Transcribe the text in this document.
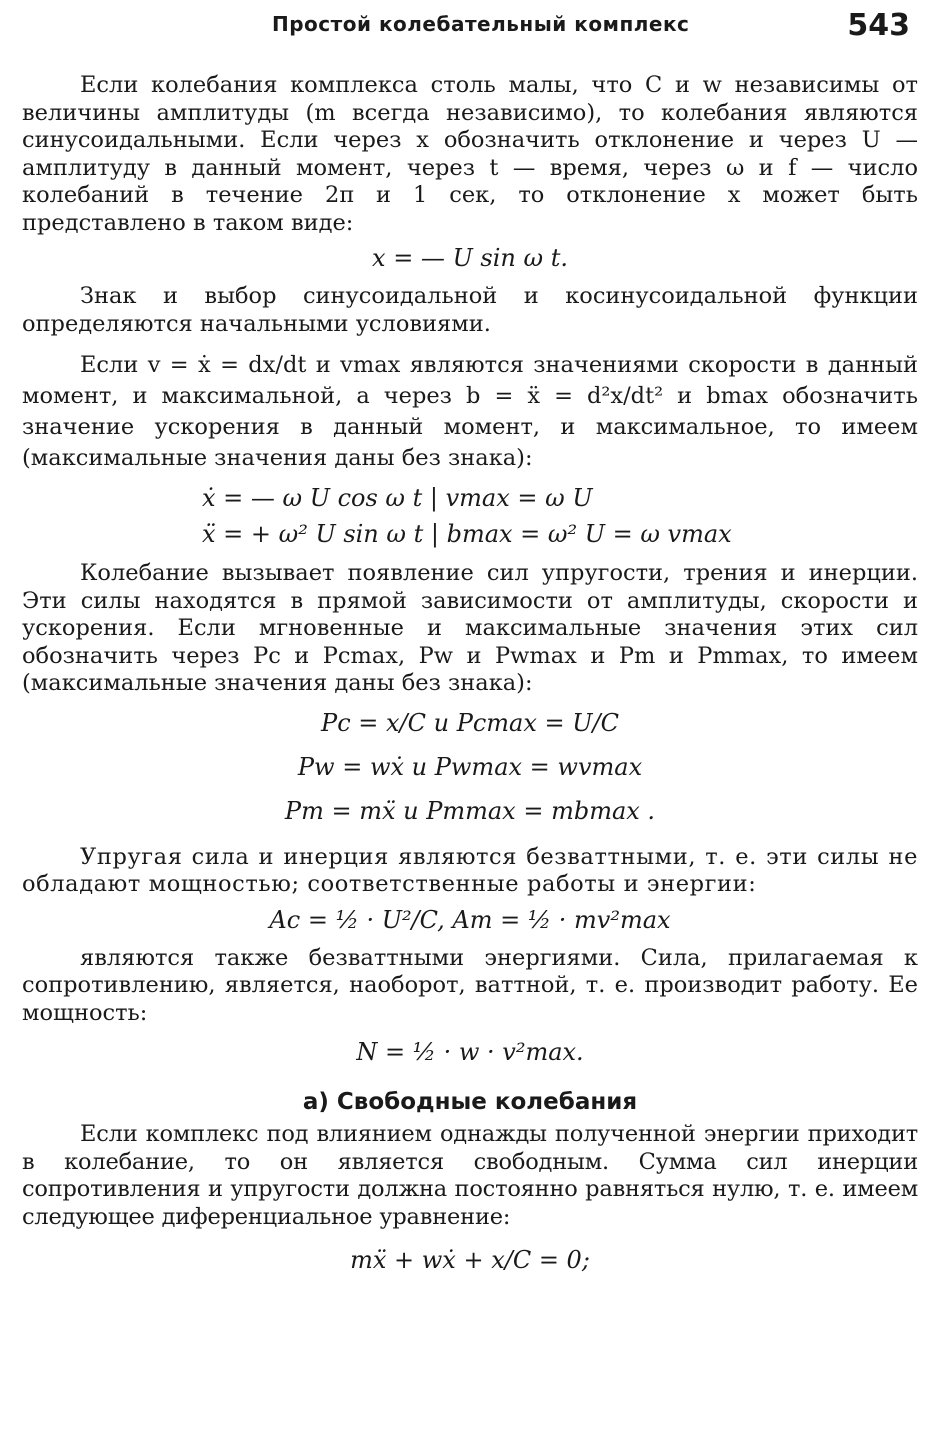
Простой колебательный комплекс	543

Если колебания комплекса столь малы, что C и w независимы от величины амплитуды (m всегда независимо), то колебания являются синусоидальными. Если через x обозначить отклонение и через U — амплитуду в данный момент, через t — время, через ω и f — число колебаний в течение 2π и 1 сек, то отклонение x может быть представлено в таком виде:

x = — U sin ω t.

Знак и выбор синусоидальной и косинусоидальной функции определяются начальными условиями.

Если v = ẋ = dx/dt и vmax являются значениями скорости в данный момент, и максимальной, а через b = ẍ = d²x/dt² и bmax обозначить значение ускорения в данный момент, и максимальное, то имеем (максимальные значения даны без знака):

ẋ = — ω U cos ω t | vmax = ω U
ẍ = + ω² U sin ω t | bmax = ω² U = ω vmax

Колебание вызывает появление сил упругости, трения и инерции. Эти силы находятся в прямой зависимости от амплитуды, скорости и ускорения. Если мгновенные и максимальные значения этих сил обозначить через Pc и Pcmax, Pw и Pwmax и Pm и Pmmax, то имеем (максимальные значения даны без знака):

Pc = x/C и Pcmax = U/C
Pw = wẋ и Pwmax = wvmax
Pm = mẍ и Pmmax = mbmax .

Упругая сила и инерция являются безваттными, т. е. эти силы не обладают мощностью; соответственные работы и энергии:

Ac = ½ · U²/C, Am = ½ · mv²max

являются также безваттными энергиями. Сила, прилагаемая к сопротивлению, является, наоборот, ваттной, т. е. производит работу. Ее мощность:

N = ½ · w · v²max.
а) Свободные колебания

Если комплекс под влиянием однажды полученной энергии приходит в колебание, то он является свободным. Сумма сил инерции сопротивления и упругости должна постоянно равняться нулю, т. е. имеем следующее диференциальное уравнение:

mẍ + wẋ + x/C = 0;
